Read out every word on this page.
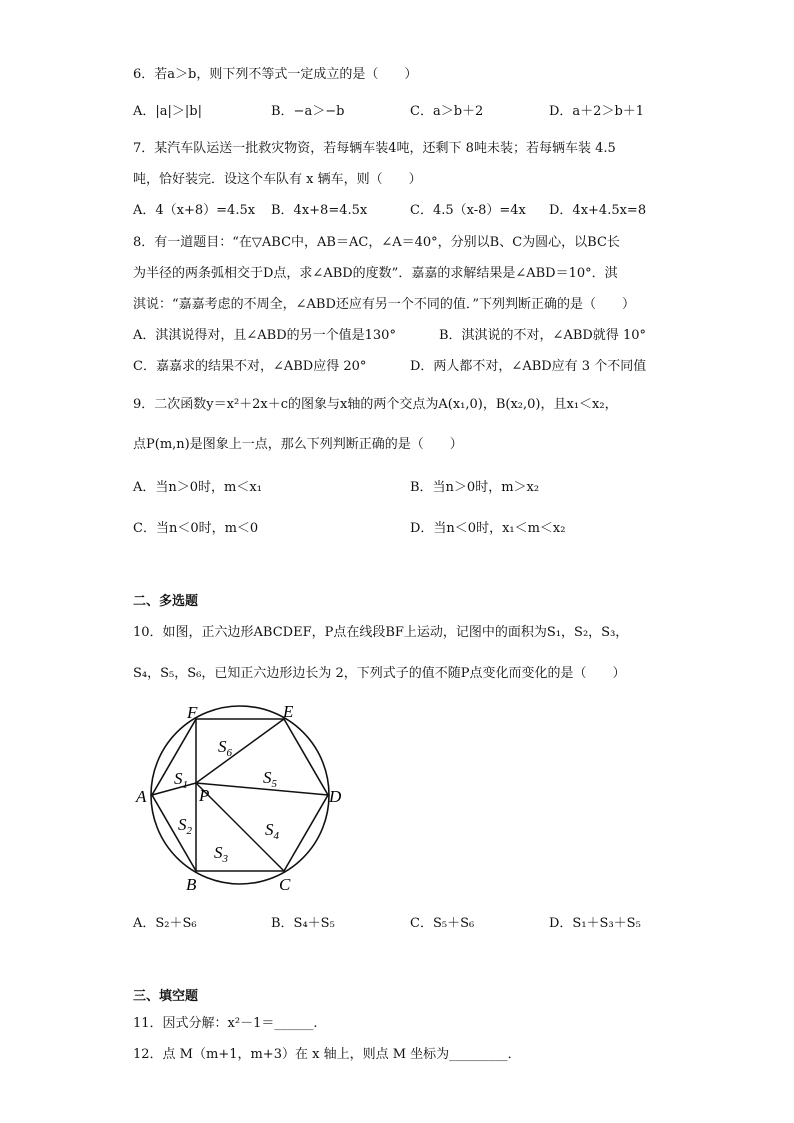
6．若a＞b，则下列不等式一定成立的是（　　）
A．|a|＞|b|	B．−a＞−b	C．a＞b＋2	D．a＋2＞b＋1
7．某汽车队运送一批救灾物资，若每辆车装4吨，还剩下 8吨未装；若每辆车装 4.5
吨，恰好装完．设这个车队有 x 辆车，则（　　）
A．4（x+8）=4.5x B．4x+8=4.5x	C．4.5（x-8）=4x D．4x+4.5x=8
8．有一道题目：“在▽ABC中，AB＝AC，∠A＝40°，分别以B、C为圆心，以BC长
为半径的两条弧相交于D点，求∠ABD的度数”．嘉嘉的求解结果是∠ABD＝10°．淇
淇说：“嘉嘉考虑的不周全，∠ABD还应有另一个不同的值．”下列判断正确的是（　　）
A．淇淇说得对，且∠ABD的另一个值是130°	B．淇淇说的不对，∠ABD就得 10°
C．嘉嘉求的结果不对，∠ABD应得 20°	D．两人都不对，∠ABD应有 3 个不同值
9．二次函数y＝x²＋2x＋c的图象与x轴的两个交点为A(x₁,0)，B(x₂,0)，且x₁＜x₂，
点P(m,n)是图象上一点，那么下列判断正确的是（　　）
A．当n＞0时，m＜x₁	B．当n＞0时，m＞x₂
C．当n＜0时，m＜0	D．当n＜0时，x₁＜m＜x₂
二、多选题
10．如图，正六边形ABCDEF，P点在线段BF上运动，记图中的面积为S₁，S₂，S₃，
S₄，S₅，S₆，已知正六边形边长为 2，下列式子的值不随P点变化而变化的是（　　）
F	E
A	D
B	C
P
$S_6$
$S_1$	$S_5$
$S_2$	$S_4$
$S_3$
A．S₂＋S₆	B．S₄＋S₅	C．S₅＋S₆	D．S₁＋S₃＋S₅
三、填空题
11．因式分解：x²－1＝______.
12．点 M（m+1，m+3）在 x 轴上，则点 M 坐标为_________．
